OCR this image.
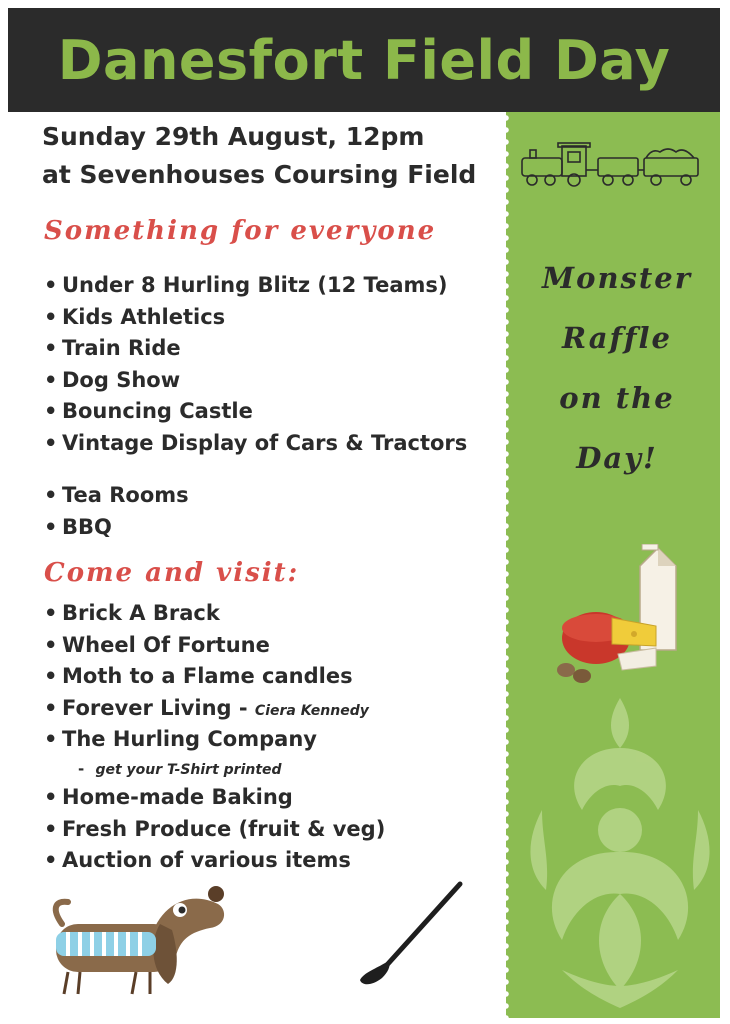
Danesfort Field Day
Sunday 29th August, 12pm
at Sevenhouses Coursing Field
Something for everyone
• Under 8 Hurling Blitz (12 Teams)
• Kids Athletics
• Train Ride
• Dog Show
• Bouncing Castle
• Vintage Display of Cars & Tractors
• Tea Rooms
• BBQ
Come and visit:
• Brick A Brack
• Wheel Of Fortune
• Moth to a Flame candles
• Forever Living - Ciera Kennedy
• The Hurling Company
- get your T-Shirt printed
• Home-made Baking
• Fresh Produce (fruit & veg)
• Auction of various items
Monster
Raffle
on the
Day!
